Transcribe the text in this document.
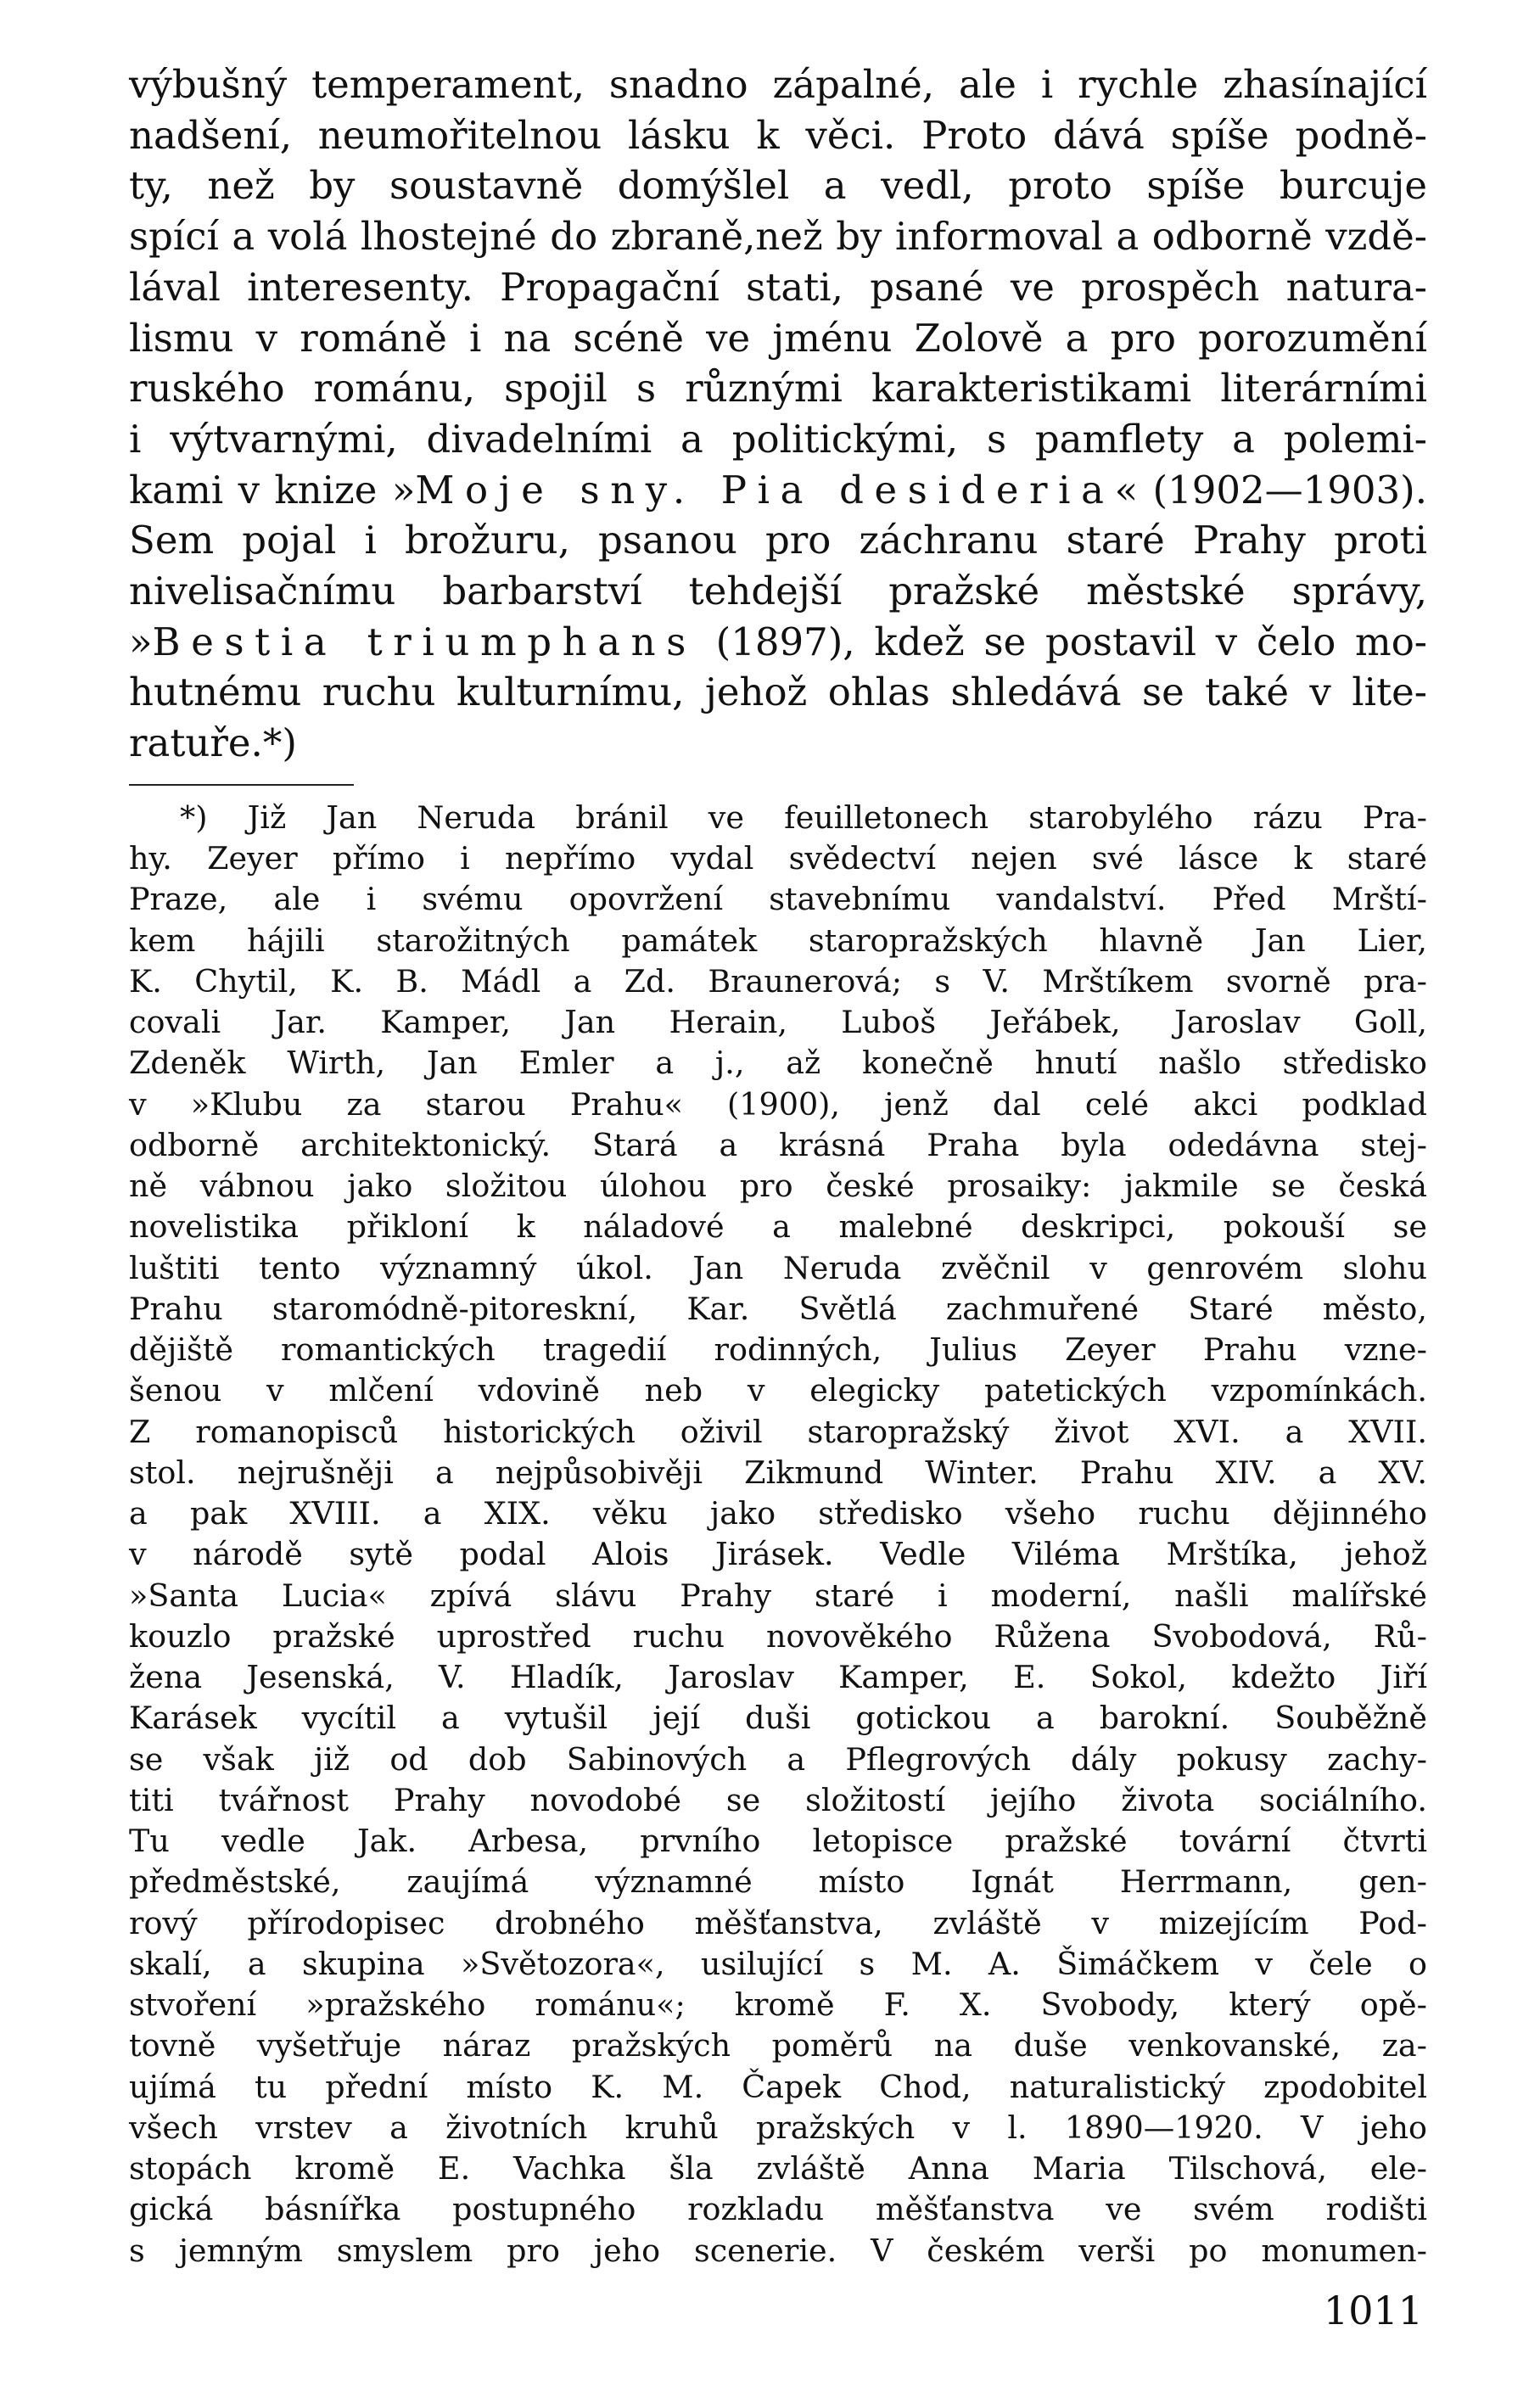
výbušný temperament, snadno zápalné, ale i rychle zhasínající
nadšení, neumořitelnou lásku k věci. Proto dává spíše podně-
ty, než by soustavně domýšlel a vedl, proto spíše burcuje
spící a volá lhostejné do zbraně,než by informoval a odborně vzdě-
lával interesenty. Propagační stati, psané ve prospěch natura-
lismu v románě i na scéně ve jménu Zolově a pro porozumění
ruského románu, spojil s různými karakteristikami literárními
i výtvarnými, divadelními a politickými, s pamflety a polemi-
kami v knize »Moje sny. Pia desideria« (1902—1903).
Sem pojal i brožuru, psanou pro záchranu staré Prahy proti
nivelisačnímu barbarství tehdejší pražské městské správy,
»Bestia triumphans (1897), kdež se postavil v čelo mo-
hutnému ruchu kulturnímu, jehož ohlas shledává se také v lite-
ratuře.*)
*) Již Jan Neruda bránil ve feuilletonech starobylého rázu Pra-
hy. Zeyer přímo i nepřímo vydal svědectví nejen své lásce k staré
Praze, ale i svému opovržení stavebnímu vandalství. Před Mrští-
kem hájili starožitných památek staropražských hlavně Jan Lier,
K. Chytil, K. B. Mádl a Zd. Braunerová; s V. Mrštíkem svorně pra-
covali Jar. Kamper, Jan Herain, Luboš Jeřábek, Jaroslav Goll,
Zdeněk Wirth, Jan Emler a j., až konečně hnutí našlo středisko
v »Klubu za starou Prahu« (1900), jenž dal celé akci podklad
odborně architektonický. Stará a krásná Praha byla odedávna stej-
ně vábnou jako složitou úlohou pro české prosaiky: jakmile se česká
novelistika přikloní k náladové a malebné deskripci, pokouší se
luštiti tento významný úkol. Jan Neruda zvěčnil v genrovém slohu
Prahu staromódně-pitoreskní, Kar. Světlá zachmuřené Staré město,
dějiště romantických tragedií rodinných, Julius Zeyer Prahu vzne-
šenou v mlčení vdovině neb v elegicky patetických vzpomínkách.
Z romanopisců historických oživil staropražský život XVI. a XVII.
stol. nejrušněji a nejpůsobivěji Zikmund Winter. Prahu XIV. a XV.
a pak XVIII. a XIX. věku jako středisko všeho ruchu dějinného
v národě sytě podal Alois Jirásek. Vedle Viléma Mrštíka, jehož
»Santa Lucia« zpívá slávu Prahy staré i moderní, našli malířské
kouzlo pražské uprostřed ruchu novověkého Růžena Svobodová, Rů-
žena Jesenská, V. Hladík, Jaroslav Kamper, E. Sokol, kdežto Jiří
Karásek vycítil a vytušil její duši gotickou a barokní. Souběžně
se však již od dob Sabinových a Pflegrových dály pokusy zachy-
titi tvářnost Prahy novodobé se složitostí jejího života sociálního.
Tu vedle Jak. Arbesa, prvního letopisce pražské tovární čtvrti
předměstské, zaujímá významné místo Ignát Herrmann, gen-
rový přírodopisec drobného měšťanstva, zvláště v mizejícím Pod-
skalí, a skupina »Světozora«, usilující s M. A. Šimáčkem v čele o
stvoření »pražského románu«; kromě F. X. Svobody, který opě-
tovně vyšetřuje náraz pražských poměrů na duše venkovanské, za-
ujímá tu přední místo K. M. Čapek Chod, naturalistický zpodobitel
všech vrstev a životních kruhů pražských v l. 1890—1920. V jeho
stopách kromě E. Vachka šla zvláště Anna Maria Tilschová, ele-
gická básnířka postupného rozkladu měšťanstva ve svém rodišti
s jemným smyslem pro jeho scenerie. V českém verši po monumen-
1011
